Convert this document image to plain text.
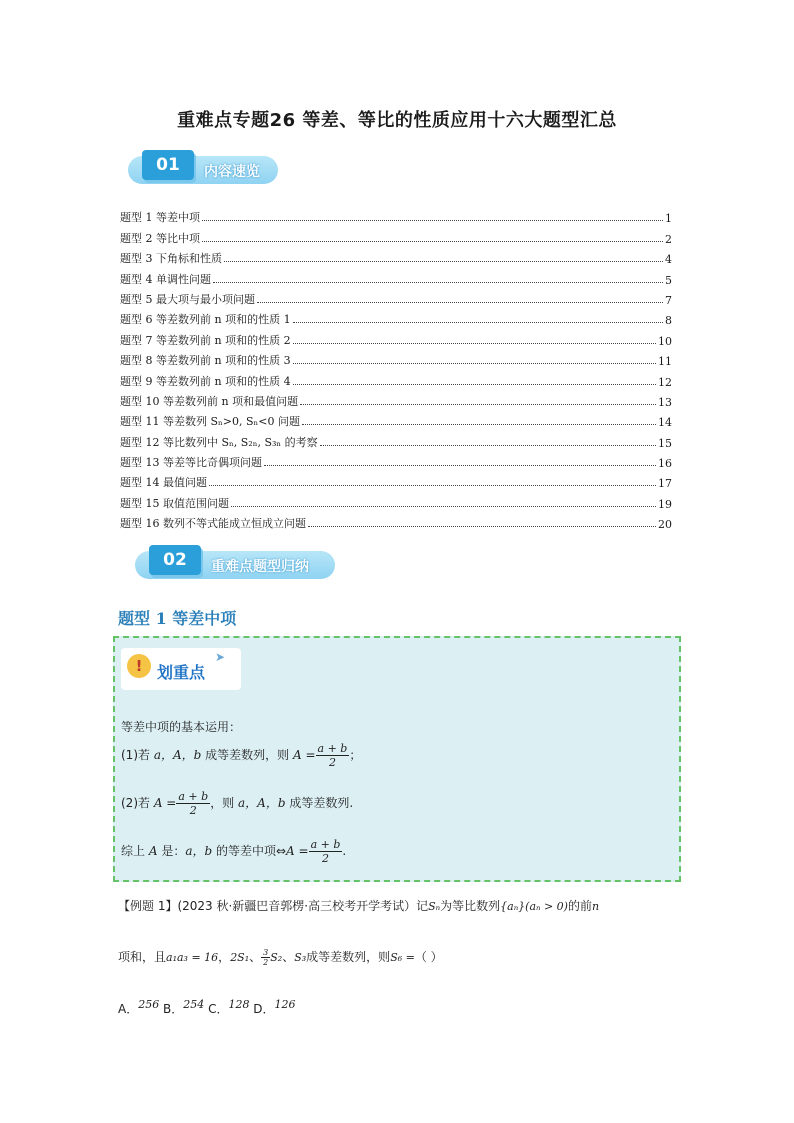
重难点专题26 等差、等比的性质应用十六大题型汇总
01	内容速览
题型 1 等差中项	1
题型 2 等比中项	2
题型 3 下角标和性质	4
题型 4 单调性问题	5
题型 5 最大项与最小项问题	7
题型 6 等差数列前 n 项和的性质 1	8
题型 7 等差数列前 n 项和的性质 2	10
题型 8 等差数列前 n 项和的性质 3	11
题型 9 等差数列前 n 项和的性质 4	12
题型 10 等差数列前 n 项和最值问题	13
题型 11 等差数列 Sₙ>0, Sₙ<0 问题	14
题型 12 等比数列中 Sₙ, S₂ₙ, S₃ₙ 的考察	15
题型 13 等差等比奇偶项问题	16
题型 14 最值问题	17
题型 15 取值范围问题	19
题型 16 数列不等式能成立恒成立问题	20
02	重难点题型归纳
题型 1 等差中项
! 划重点
➤
等差中项的基本运用：
(1)若 a，A，b 成等差数列，则 $A = \frac{a + b}{2}$ ；
(2)若 $A = \frac{a + b}{2}$ ，则 a，A，b 成等差数列.
综上 A 是：a，b 的等差中项⇔A = $\frac{a + b}{2}$ .
【例题 1】(2023 秋·新疆巴音郭楞·高三校考开学考试）记Sₙ为等比数列{aₙ}(aₙ > 0)的前n
项和，且a₁a₃ = 16，2S₁、 $\frac{3}{2} S_2$、S₃成等差数列，则S₆ =（ ）
A．$^{256}$ B．$^{254}$ C．$^{128}$ D．$^{126}$
